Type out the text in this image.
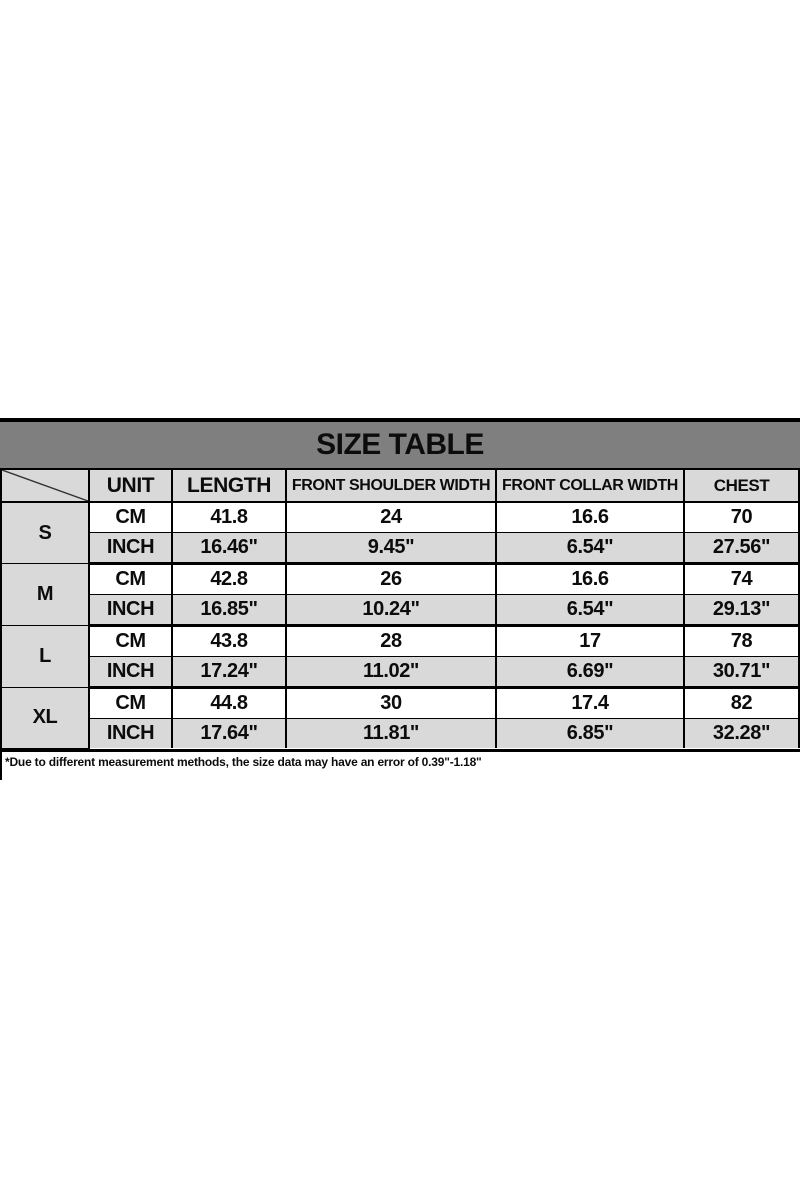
SIZE TABLE
	UNIT	LENGTH	FRONT SHOULDER WIDTH	FRONT COLLAR WIDTH	CHEST
S	CM	41.8	24	16.6	70
	INCH	16.46"	9.45"	6.54"	27.56"
M	CM	42.8	26	16.6	74
	INCH	16.85"	10.24"	6.54"	29.13"
L	CM	43.8	28	17	78
	INCH	17.24"	11.02"	6.69"	30.71"
XL	CM	44.8	30	17.4	82
	INCH	17.64"	11.81"	6.85"	32.28"
*Due to different measurement methods, the size data may have an error of 0.39"-1.18"
